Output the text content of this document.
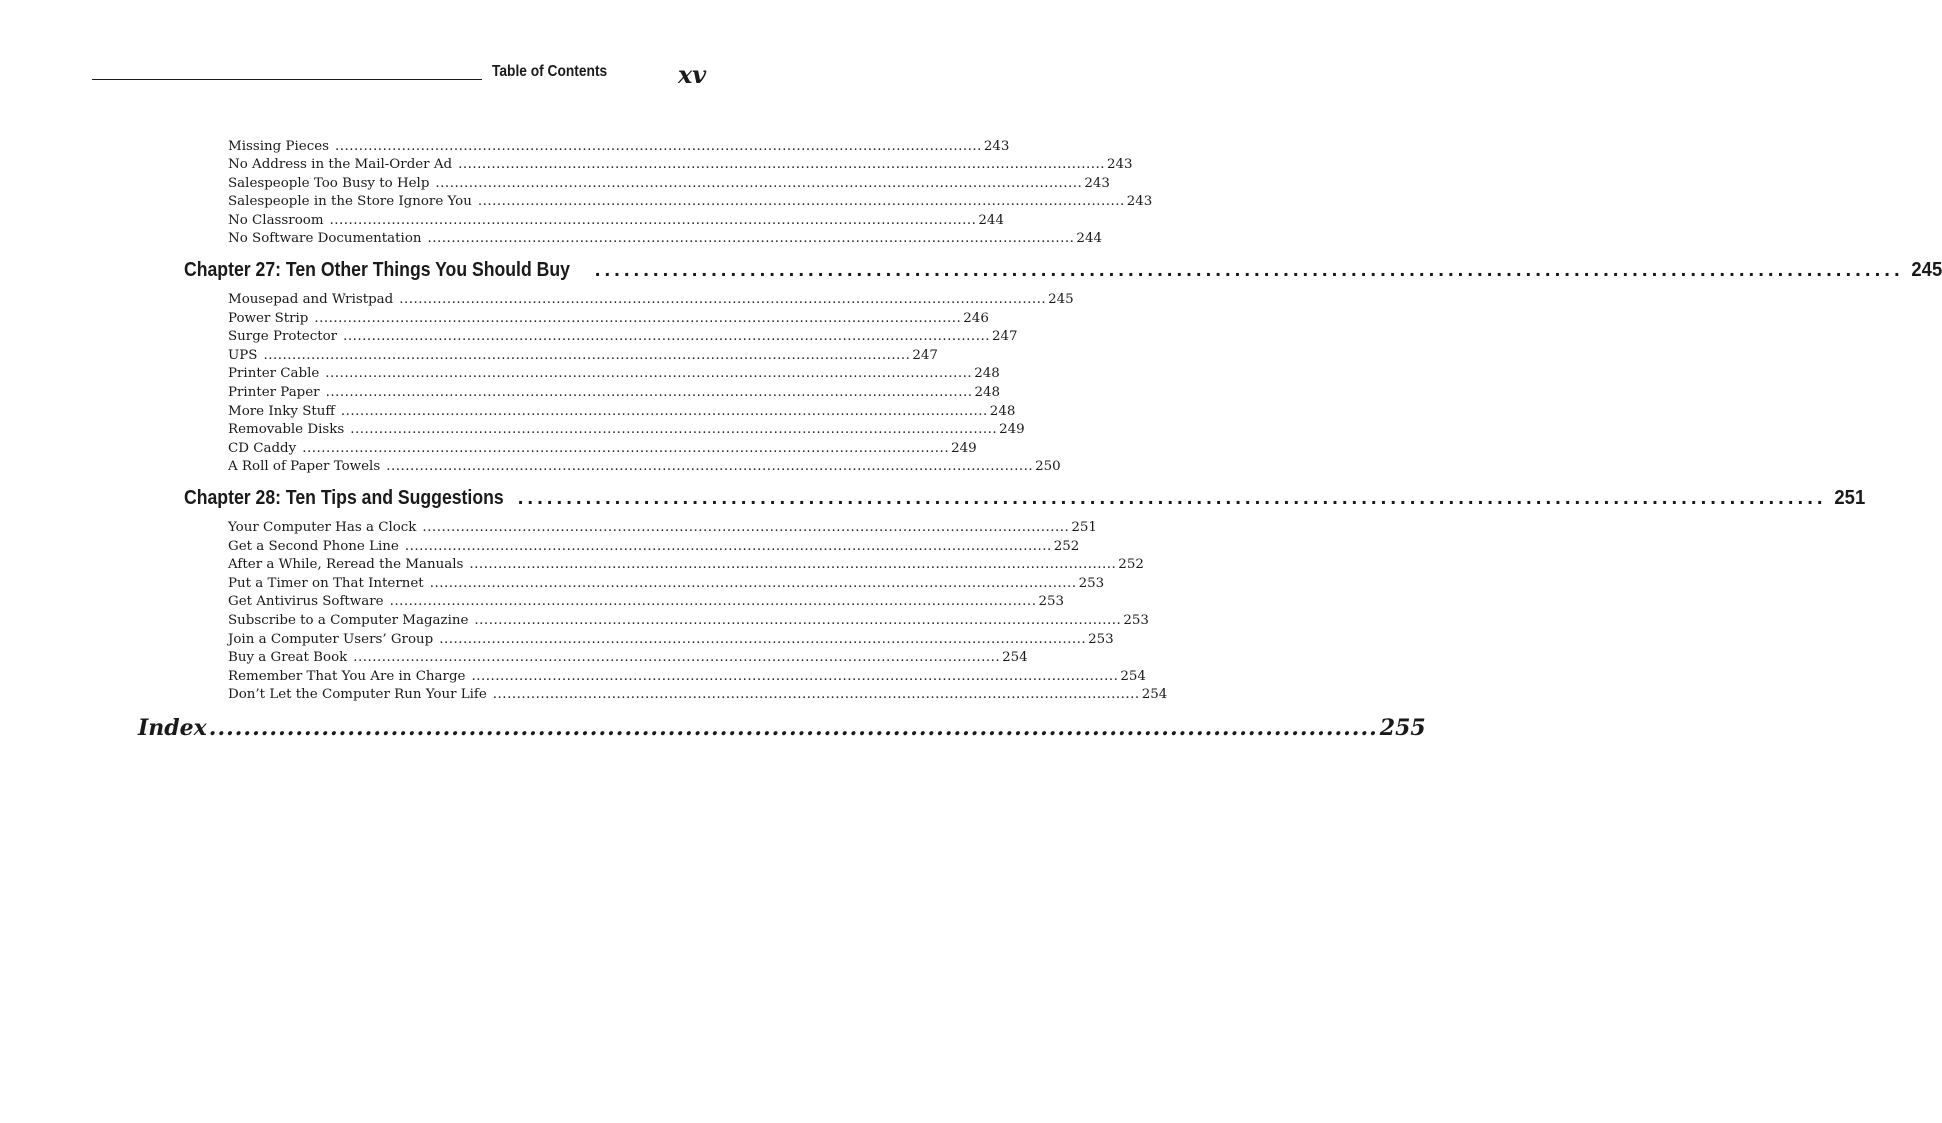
Table of Contents	xv
Missing Pieces ........................................................................................................................................ 243
No Address in the Mail-Order Ad ........................................................................................................................................ 243
Salespeople Too Busy to Help ........................................................................................................................................ 243
Salespeople in the Store Ignore You ........................................................................................................................................ 243
No Classroom ........................................................................................................................................ 244
No Software Documentation ........................................................................................................................................ 244
Chapter 27: Ten Other Things You Should Buy	....................................................................................................................................... 245
Mousepad and Wristpad ........................................................................................................................................ 245
Power Strip ........................................................................................................................................ 246
Surge Protector ........................................................................................................................................ 247
UPS ........................................................................................................................................ 247
Printer Cable ........................................................................................................................................ 248
Printer Paper ........................................................................................................................................ 248
More Inky Stuff ........................................................................................................................................ 248
Removable Disks ........................................................................................................................................ 249
CD Caddy ........................................................................................................................................ 249
A Roll of Paper Towels ........................................................................................................................................ 250
Chapter 28: Ten Tips and Suggestions ....................................................................................................................................... 251
Your Computer Has a Clock ........................................................................................................................................ 251
Get a Second Phone Line ........................................................................................................................................ 252
After a While, Reread the Manuals ........................................................................................................................................ 252
Put a Timer on That Internet ........................................................................................................................................ 253
Get Antivirus Software ........................................................................................................................................ 253
Subscribe to a Computer Magazine ........................................................................................................................................ 253
Join a Computer Users’ Group ........................................................................................................................................ 253
Buy a Great Book ........................................................................................................................................ 254
Remember That You Are in Charge ........................................................................................................................................ 254
Don’t Let the Computer Run Your Life ........................................................................................................................................ 254
Index ....................................................................................................................................... 255
